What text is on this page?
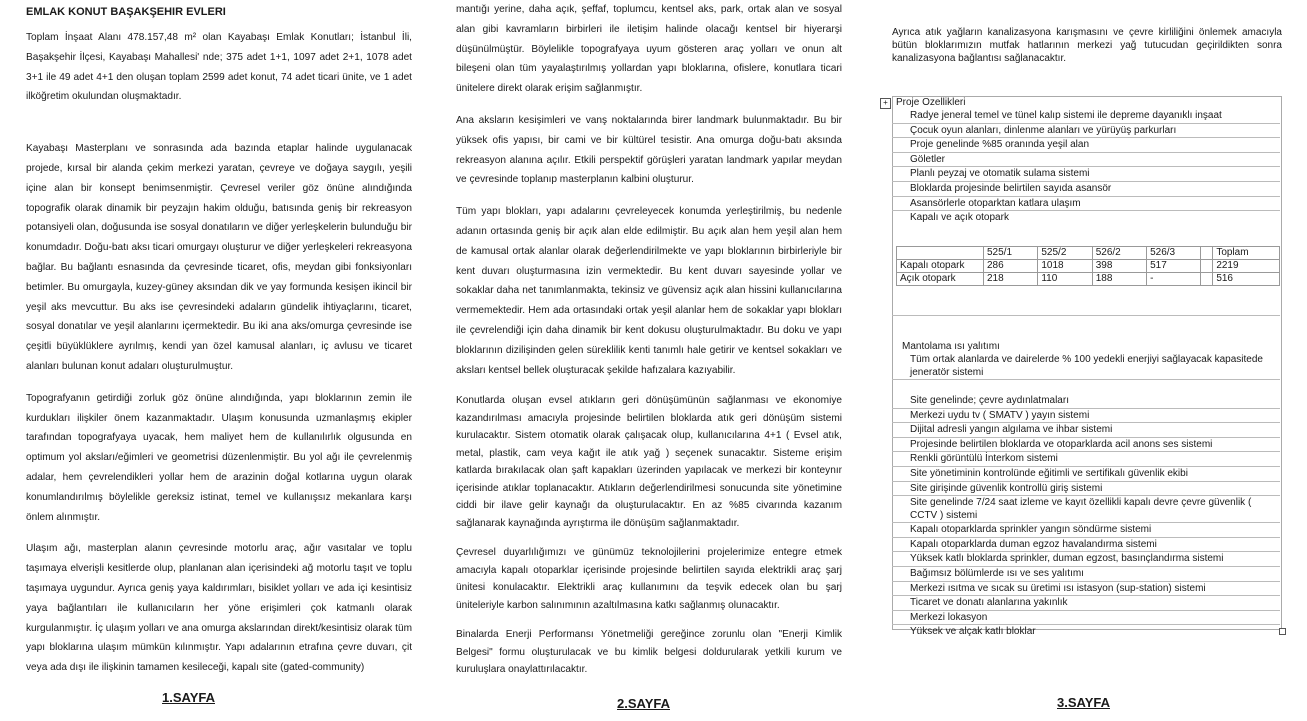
EMLAK KONUT BAŞAKŞEHIR EVLERI

Toplam İnşaat Alanı 478.157,48 m² olan Kayabaşı Emlak Konutları; İstanbul İli, Başakşehir İlçesi, Kayabaşı Mahallesi' nde; 375 adet 1+1, 1097 adet 2+1, 1078 adet 3+1 ile 49 adet 4+1 den oluşan toplam 2599 adet konut, 74 adet ticari ünite, ve 1 adet ilköğretim okulundan oluşmaktadır.

Kayabaşı Masterplanı ve sonrasında ada bazında etaplar halinde uygulanacak projede, kırsal bir alanda çekim merkezi yaratan, çevreye ve doğaya saygılı, yeşili içine alan bir konsept benimsenmiştir. Çevresel veriler göz önüne alındığında topografik olarak dinamik bir peyzajın hakim olduğu, batısında geniş bir rekreasyon potansiyeli olan, doğusunda ise sosyal donatıların ve diğer yerleşkelerin bulunduğu bir konumdadır. Doğu-batı aksı ticari omurgayı oluşturur ve diğer yerleşkeleri rekreasyona bağlar. Bu bağlantı esnasında da çevresinde ticaret, ofis, meydan gibi fonksiyonları betimler. Bu omurgayla, kuzey-güney aksından dik ve yay formunda kesişen ikincil bir yeşil aks mevcuttur. Bu aks ise çevresindeki adaların gündelik ihtiyaçlarını, ticaret, sosyal donatılar ve yeşil alanlarını içermektedir. Bu iki ana aks/omurga çevresinde ise çeşitli büyüklüklere ayrılmış, kendi yan özel kamusal alanları, iç avlusu ve ticaret alanları bulunan konut adaları oluşturulmuştur.

Topografyanın getirdiği zorluk göz önüne alındığında, yapı bloklarının zemin ile kurdukları ilişkiler önem kazanmaktadır. Ulaşım konusunda uzmanlaşmış ekipler tarafından topografyaya uyacak, hem maliyet hem de kullanılırlık olgusunda en optimum yol aksları/eğimleri ve geometrisi düzenlenmiştir. Bu yol ağı ile çevrelenmiş adalar, hem çevrelendikleri yollar hem de arazinin doğal kotlarına uygun olarak konumlandırılmış böylelikle gereksiz istinat, temel ve kullanışsız mekanlara karşı önlem alınmıştır.

Ulaşım ağı, masterplan alanın çevresinde motorlu araç, ağır vasıtalar ve toplu taşımaya elverişli kesitlerde olup, planlanan alan içerisindeki ağ motorlu taşıt ve toplu taşımaya uygundur. Ayrıca geniş yaya kaldırımları, bisiklet yolları ve ada içi kesintisiz yaya bağlantıları ile kullanıcıların her yöne erişimleri çok katmanlı olarak kurgulanmıştır. İç ulaşım yolları ve ana omurga akslarından direkt/kesintisiz olarak tüm yapı bloklarına ulaşım mümkün kılınmıştır. Yapı adalarının etrafına çevre duvarı, çit veya ada dışı ile ilişkinin tamamen kesileceği, kapalı site (gated-community)

1.SAYFA

mantığı yerine, daha açık, şeffaf, toplumcu, kentsel aks, park, ortak alan ve sosyal alan gibi kavramların birbirleri ile iletişim halinde olacağı kentsel bir hiyerarşi düşünülmüştür. Böylelikle topografyaya uyum gösteren araç yolları ve onun alt bileşeni olan tüm yayalaştırılmış yollardan yapı bloklarına, ofislere, konutlara ticari ünitelere direkt olarak erişim sağlanmıştır.

Ana aksların kesişimleri ve vanş noktalarında birer landmark bulunmaktadır. Bu bir yüksek ofis yapısı, bir cami ve bir kültürel tesistir. Ana omurga doğu-batı aksında rekreasyon alanına açılır. Etkili perspektif görüşleri yaratan landmark yapılar meydan ve çevresinde toplanıp masterplanın kalbini oluşturur.

Tüm yapı blokları, yapı adalarını çevreleyecek konumda yerleştirilmiş, bu nedenle adanın ortasında geniş bir açık alan elde edilmiştir. Bu açık alan hem yeşil alan hem de kamusal ortak alanlar olarak değerlendirilmekte ve yapı bloklarının birbirleriyle bir kent duvarı oluşturmasına izin vermektedir. Bu kent duvarı sayesinde yollar ve sokaklar daha net tanımlanmakta, tekinsiz ve güvensiz açık alan hissini kullanıcılarına vermemektedir. Hem ada ortasındaki ortak yeşil alanlar hem de sokaklar yapı blokları ile çevrelendiği için daha dinamik bir kent dokusu oluşturulmaktadır. Bu doku ve yapı bloklarının dizilişinden gelen süreklilik kenti tanımlı hale getirir ve kentsel sokakları ve aksları kentsel bellek oluşturacak şekilde hafızalara kazıyabilir.

Konutlarda oluşan evsel atıkların geri dönüşümünün sağlanması ve ekonomiye kazandırılması amacıyla projesinde belirtilen bloklarda atık geri dönüşüm sistemi kurulacaktır. Sistem otomatik olarak çalışacak olup, kullanıcılarına 4+1 ( Evsel atık, metal, plastik, cam veya kağıt ile atık yağ ) seçenek sunacaktır. Sisteme erişim katlarda bırakılacak olan şaft kapakları üzerinden yapılacak ve merkezi bir konteynır içerisinde atıklar toplanacaktır. Atıkların değerlendirilmesi sonucunda site yönetimine ciddi bir ilave gelir kaynağı da oluşturulacaktır. En az %85 civarında kazanım sağlanarak kaynağında ayrıştırma ile dönüşüm sağlanmaktadır.

Çevresel duyarlılığımızı ve günümüz teknolojilerini projelerimize entegre etmek amacıyla kapalı otoparklar içerisinde projesinde belirtilen sayıda elektrikli araç şarj ünitesi konulacaktır. Elektrikli araç kullanımını da teşvik edecek olan bu şarj üniteleriyle karbon salınımının azaltılmasına katkı sağlanmış olunacaktır.

Binalarda Enerji Performansı Yönetmeliği gereğince zorunlu olan "Enerji Kimlik Belgesi" formu oluşturulacak ve bu kimlik belgesi doldurularak yetkili kurum ve kuruluşlara onaylattırılacaktır.

2.SAYFA

Ayrıca atık yağların kanalizasyona karışmasını ve çevre kirliliğini önlemek amacıyla bütün bloklarımızın mutfak hatlarının merkezi yağ tutucudan geçirildikten sonra kanalizasyona bağlantısı sağlanacaktır.

+ Proje Ozellikleri
Radye jeneral temel ve tünel kalıp sistemi ile depreme dayanıklı inşaat
Çocuk oyun alanları, dinlenme alanları ve yürüyüş parkurları
Proje genelinde %85 oranında yeşil alan
Göletler
Planlı peyzaj ve otomatik sulama sistemi
Bloklarda projesinde belirtilen sayıda asansör
Asansörlerle otoparktan katlara ulaşım
Kapalı ve açık otopark
	525/1	525/2	526/2	526/3		Toplam
Kapalı otopark	286	1018	398	517		2219
Açık otopark	218	110	188	-		516
Mantolama ısı yalıtımı
Tüm ortak alanlarda ve dairelerde % 100 yedekli enerjiyi sağlayacak kapasitede jeneratör sistemi
Site genelinde; çevre aydınlatmaları
Merkezi uydu tv ( SMATV ) yayın sistemi
Dijital adresli yangın algılama ve ihbar sistemi
Projesinde belirtilen bloklarda ve otoparklarda acil anons ses sistemi
Renkli görüntülü İnterkom sistemi
Site yönetiminin kontrolünde eğitimli ve sertifikalı güvenlik ekibi
Site girişinde güvenlik kontrollü giriş sistemi
Site genelinde 7/24 saat izleme ve kayıt özellikli kapalı devre çevre güvenlik ( CCTV ) sistemi
Kapalı otoparklarda sprinkler yangın söndürme sistemi
Kapalı otoparklarda duman egzoz havalandırma sistemi
Yüksek katlı bloklarda sprinkler, duman egzost, basınçlandırma sistemi
Bağımsız bölümlerde ısı ve ses yalıtımı
Merkezi ısıtma ve sıcak su üretimi ısı istasyon (sup-station) sistemi
Ticaret ve donatı alanlarına yakınlık
Merkezi lokasyon
Yüksek ve alçak katlı bloklar
3.SAYFA
